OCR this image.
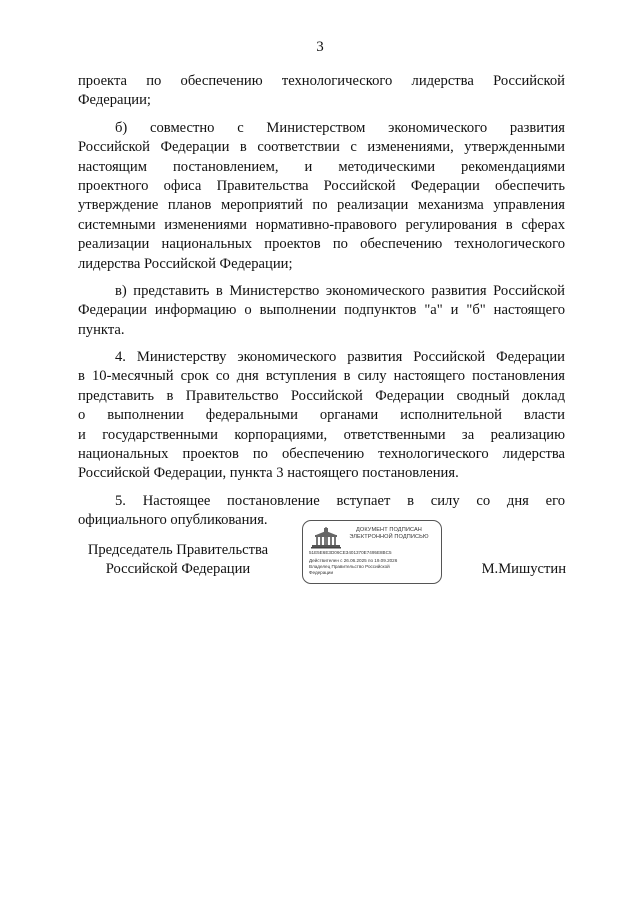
3
проекта по обеспечению технологического лидерства Российской
Федерации;
б) совместно с Министерством экономического развития
Российской Федерации в соответствии с изменениями, утвержденными
настоящим постановлением, и методическими рекомендациями
проектного офиса Правительства Российской Федерации обеспечить
утверждение планов мероприятий по реализации механизма управления
системными изменениями нормативно-правового регулирования в сферах
реализации национальных проектов по обеспечению технологического
лидерства Российской Федерации;
в) представить в Министерство экономического развития Российской
Федерации информацию о выполнении подпунктов "а" и "б" настоящего
пункта.
4. Министерству экономического развития Российской Федерации
в 10-месячный срок со дня вступления в силу настоящего постановления
представить в Правительство Российской Федерации сводный доклад
о выполнении федеральными органами исполнительной власти
и государственными корпорациями, ответственными за реализацию
национальных проектов по обеспечению технологического лидерства
Российской Федерации, пункта 3 настоящего постановления.
5. Настоящее постановление вступает в силу со дня его
официального опубликования.
Председатель Правительства
Российской Федерации
ДОКУМЕНТ ПОДПИСАН
ЭЛЕКТРОННОЙ ПОДПИСЬЮ
51E5E6E3D06CE3401370E7495E8BC5
Действителен с 26.06.2025 по 19.09.2026
Владелец Правительство Российской
Федерации	М.Мишустин
